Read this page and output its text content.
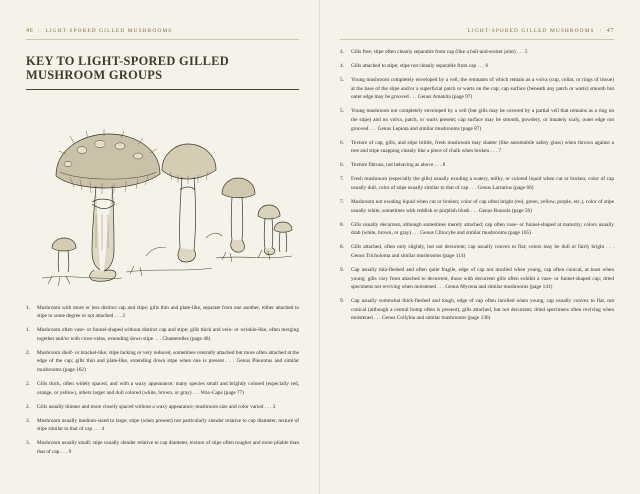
46 | LIGHT-SPORED GILLED MUSHROOMS
KEY TO LIGHT-SPORED GILLED MUSHROOM GROUPS
1. Mushroom with more or less distinct cap and stipe; gills thin and plate-like, separate from one another, either attached to stipe to some degree or not attached . . . 2
1. Mushroom often vase- or funnel-shaped without distinct cap and stipe; gills thick and vein- or wrinkle-like, often merging together and/or with cross-veins, extending down stipe . . . Chanterelles (page 48)
2. Mushroom shelf- or bracket-like; stipe lacking or very reduced, sometimes centrally attached but more often attached at the edge of the cap; gills thin and plate-like, extending down stipe when one is present . . . Genus Pleurotus and similar mushrooms (page 162)
2. Gills thick, often widely spaced, and with a waxy appearance; many species small and brightly colored (especially red, orange, or yellow), others larger and dull colored (white, brown, or gray) . . . Wax-Caps (page 77)
2. Gills usually thinner and more closely spaced without a waxy appearance; mushroom size and color varied . . . 3
3. Mushroom usually medium-sized to large; stipe (when present) not particularly slender relative to cap diameter, texture of stipe similar to that of cap . . . 4
3. Mushroom usually small; stipe usually slender relative to cap diameter, texture of stipe often tougher and more pliable than that of cap . . . 9
LIGHT-SPORED GILLED MUSHROOMS | 47
4. Gills free; stipe often cleanly separable from cap (like a ball-and-socket joint) . . . 5
4. Gills attached to stipe; stipe not cleanly separable from cap . . . 6
5. Young mushroom completely enveloped by a veil, the remnants of which remain as a volva (cup, collar, or rings of tissue) at the base of the stipe and/or a superficial patch or warts on the cap; cap surface (beneath any patch or warts) smooth but outer edge may be grooved . . . Genus Amanita (page 97)
5. Young mushroom not completely enveloped by a veil (but gills may be covered by a partial veil that remains as a ring on the stipe) and no volva, patch, or warts present; cap surface may be smooth, powdery, or innately scaly, outer edge not grooved . . . Genus Lepiota and similar mushrooms (page 87)
6. Texture of cap, gills, and stipe brittle, fresh mushroom may shatter (like automobile safety glass) when thrown against a tree and stipe snapping cleanly like a piece of chalk when broken . . . 7
6. Texture fibrous, not behaving as above . . . 8
7. Fresh mushroom (especially the gills) usually exuding a watery, milky, or colored liquid when cut or broken; color of cap usually dull, color of stipe usually similar to that of cap . . . Genus Lactarius (page 66)
7. Mushroom not exuding liquid when cut or broken; color of cap often bright (red, green, yellow, purple, etc.), color of stipe usually white, sometimes with reddish or purplish blush . . . Genus Russula (page 56)
8. Gills usually decurrent, although sometimes merely attached; cap often vase- or funnel-shaped at maturity; colors usually drab (white, brown, or gray) . . . Genus Clitocybe and similar mushrooms (page 105)
8. Gills attached, often only slightly, but not decurrent; cap usually convex to flat; colors may be dull or fairly bright . . . Genus Tricholoma and similar mushrooms (page 114)
9. Cap usually thin-fleshed and often quite fragile, edge of cap not inrolled when young, cap often conical, at least when young; gills vary from attached to decurrent, those with decurrent gills often exhibit a vase- or funnel-shaped cap; dried specimens not reviving when moistened . . . Genus Mycena and similar mushrooms (page 141)
9. Cap usually somewhat thick-fleshed and tough, edge of cap often inrolled when young, cap usually convex to flat, not conical (although a central bump often is present); gills attached, but not decurrent; dried specimens often reviving when moistened . . . Genus Collybia and similar mushrooms (page 136)
